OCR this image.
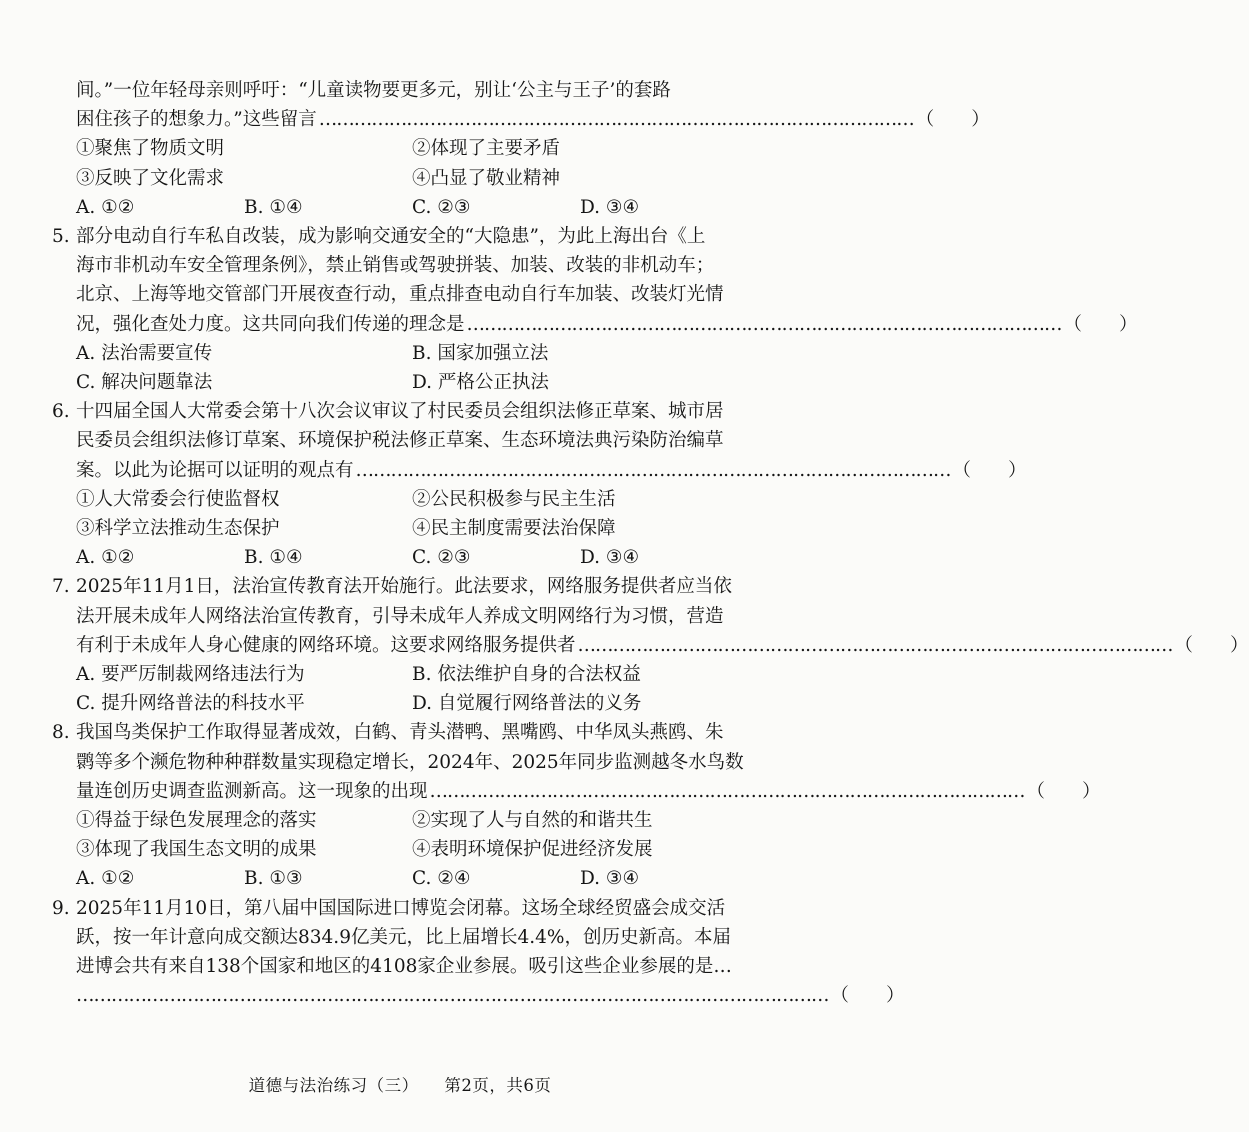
间。”一位年轻母亲则呼吁：“儿童读物要更多元，别让‘公主与王子’的套路
困住孩子的想象力。”这些留言 ………………………………………………………………………………………… （　　）
①聚焦了物质文明	②体现了主要矛盾
③反映了文化需求	④凸显了敬业精神
A. ①②	B. ①④	C. ②③	D. ③④
5. 部分电动自行车私自改装，成为影响交通安全的“大隐患”，为此上海出台《上
海市非机动车安全管理条例》，禁止销售或驾驶拼装、加装、改装的非机动车；
北京、上海等地交管部门开展夜查行动，重点排查电动自行车加装、改装灯光情
况，强化查处力度。这共同向我们传递的理念是 ………………………………………………………………………………………… （　　）
A. 法治需要宣传	B. 国家加强立法
C. 解决问题靠法	D. 严格公正执法
6. 十四届全国人大常委会第十八次会议审议了村民委员会组织法修正草案、城市居
民委员会组织法修订草案、环境保护税法修正草案、生态环境法典污染防治编草
案。以此为论据可以证明的观点有 ………………………………………………………………………………………… （　　）
①人大常委会行使监督权	②公民积极参与民主生活
③科学立法推动生态保护	④民主制度需要法治保障
A. ①②	B. ①④	C. ②③	D. ③④
7. 2025年11月1日，法治宣传教育法开始施行。此法要求，网络服务提供者应当依
法开展未成年人网络法治宣传教育，引导未成年人养成文明网络行为习惯，营造
有利于未成年人身心健康的网络环境。这要求网络服务提供者 ………………………………………………………………………………………… （　　）
A. 要严厉制裁网络违法行为	B. 依法维护自身的合法权益
C. 提升网络普法的科技水平	D. 自觉履行网络普法的义务
8. 我国鸟类保护工作取得显著成效，白鹤、青头潜鸭、黑嘴鸥、中华凤头燕鸥、朱
鹮等多个濒危物种种群数量实现稳定增长，2024年、2025年同步监测越冬水鸟数
量连创历史调查监测新高。这一现象的出现 ………………………………………………………………………………………… （　　）
①得益于绿色发展理念的落实	②实现了人与自然的和谐共生
③体现了我国生态文明的成果	④表明环境保护促进经济发展
A. ①②	B. ①③	C. ②④	D. ③④
9. 2025年11月10日，第八届中国国际进口博览会闭幕。这场全球经贸盛会成交活
跃，按一年计意向成交额达834.9亿美元，比上届增长4.4%，创历史新高。本届
进博会共有来自138个国家和地区的4108家企业参展。吸引这些企业参展的是…
………………………………………………………………………………………………………………… （　　）
道德与法治练习（三） 第2页，共6页
